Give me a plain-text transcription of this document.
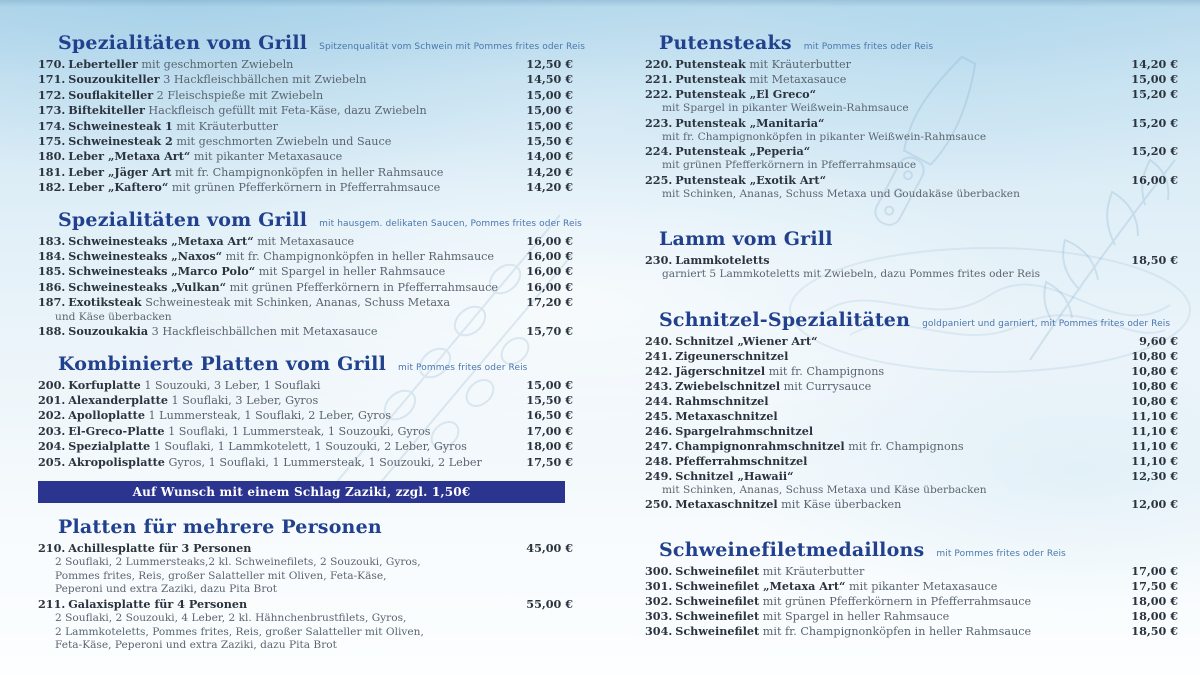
Spezialitäten vom Grill Spitzenqualität vom Schwein mit Pommes frites oder Reis
170. Leberteller mit geschmorten Zwiebeln	12,50 €
171. Souzoukiteller 3 Hackfleischbällchen mit Zwiebeln	14,50 €
172. Souflakiteller 2 Fleischspieße mit Zwiebeln	15,00 €
173. Biftekiteller Hackfleisch gefüllt mit Feta-Käse, dazu Zwiebeln	15,00 €
174. Schweinesteak 1 mit Kräuterbutter	15,00 €
175. Schweinesteak 2 mit geschmorten Zwiebeln und Sauce	15,50 €
180. Leber „Metaxa Art“ mit pikanter Metaxasauce	14,00 €
181. Leber „Jäger Art mit fr. Champignonköpfen in heller Rahmsauce	14,20 €
182. Leber „Kaftero“ mit grünen Pfefferkörnern in Pfefferrahmsauce	14,20 €
Spezialitäten vom Grill mit hausgem. delikaten Saucen, Pommes frites oder Reis
183. Schweinesteaks „Metaxa Art“ mit Metaxasauce	16,00 €
184. Schweinesteaks „Naxos“ mit fr. Champignonköpfen in heller Rahmsauce	16,00 €
185. Schweinesteaks „Marco Polo“ mit Spargel in heller Rahmsauce	16,00 €
186. Schweinesteaks „Vulkan“ mit grünen Pfefferkörnern in Pfefferrahmsauce	16,00 €
187. Exotiksteak Schweinesteak mit Schinken, Ananas, Schuss Metaxa	17,20 €
und Käse überbacken
188. Souzoukakia 3 Hackfleischbällchen mit Metaxasauce	15,70 €
Kombinierte Platten vom Grill mit Pommes frites oder Reis
200. Korfuplatte 1 Souzouki, 3 Leber, 1 Souflaki	15,00 €
201. Alexanderplatte 1 Souflaki, 3 Leber, Gyros	15,50 €
202. Apolloplatte 1 Lummersteak, 1 Souflaki, 2 Leber, Gyros	16,50 €
203. El-Greco-Platte 1 Souflaki, 1 Lummersteak, 1 Souzouki, Gyros	17,00 €
204. Spezialplatte 1 Souflaki, 1 Lammkotelett, 1 Souzouki, 2 Leber, Gyros	18,00 €
205. Akropolisplatte Gyros, 1 Souflaki, 1 Lummersteak, 1 Souzouki, 2 Leber	17,50 €
Auf Wunsch mit einem Schlag Zaziki, zzgl. 1,50€
Platten für mehrere Personen
210. Achillesplatte für 3 Personen	45,00 €
2 Souflaki, 2 Lummersteaks,2 kl. Schweinefilets, 2 Souzouki, Gyros,
Pommes frites, Reis, großer Salatteller mit Oliven, Feta-Käse,
Peperoni und extra Zaziki, dazu Pita Brot
211. Galaxisplatte für 4 Personen	55,00 €
2 Souflaki, 2 Souzouki, 4 Leber, 2 kl. Hähnchenbrustfilets, Gyros,
2 Lammkoteletts, Pommes frites, Reis, großer Salatteller mit Oliven,
Feta-Käse, Peperoni und extra Zaziki, dazu Pita Brot
Putensteaks mit Pommes frites oder Reis
220. Putensteak mit Kräuterbutter	14,20 €
221. Putensteak mit Metaxasauce	15,00 €
222. Putensteak „El Greco“	15,20 €
mit Spargel in pikanter Weißwein-Rahmsauce
223. Putensteak „Manitaria“	15,20 €
mit fr. Champignonköpfen in pikanter Weißwein-Rahmsauce
224. Putensteak „Peperia“	15,20 €
mit grünen Pfefferkörnern in Pfefferrahmsauce
225. Putensteak „Exotik Art“	16,00 €
mit Schinken, Ananas, Schuss Metaxa und Goudakäse überbacken
Lamm vom Grill
230. Lammkoteletts	18,50 €
garniert 5 Lammkoteletts mit Zwiebeln, dazu Pommes frites oder Reis
Schnitzel-Spezialitäten goldpaniert und garniert, mit Pommes frites oder Reis
240. Schnitzel „Wiener Art“	9,60 €
241. Zigeunerschnitzel	10,80 €
242. Jägerschnitzel mit fr. Champignons	10,80 €
243. Zwiebelschnitzel mit Currysauce	10,80 €
244. Rahmschnitzel	10,80 €
245. Metaxaschnitzel	11,10 €
246. Spargelrahmschnitzel	11,10 €
247. Champignonrahmschnitzel mit fr. Champignons	11,10 €
248. Pfefferrahmschnitzel	11,10 €
249. Schnitzel „Hawaii“	12,30 €
mit Schinken, Ananas, Schuss Metaxa und Käse überbacken
250. Metaxaschnitzel mit Käse überbacken	12,00 €
Schweinefiletmedaillons mit Pommes frites oder Reis
300. Schweinefilet mit Kräuterbutter	17,00 €
301. Schweinefilet „Metaxa Art“ mit pikanter Metaxasauce	17,50 €
302. Schweinefilet mit grünen Pfefferkörnern in Pfefferrahmsauce	18,00 €
303. Schweinefilet mit Spargel in heller Rahmsauce	18,00 €
304. Schweinefilet mit fr. Champignonköpfen in heller Rahmsauce	18,50 €
